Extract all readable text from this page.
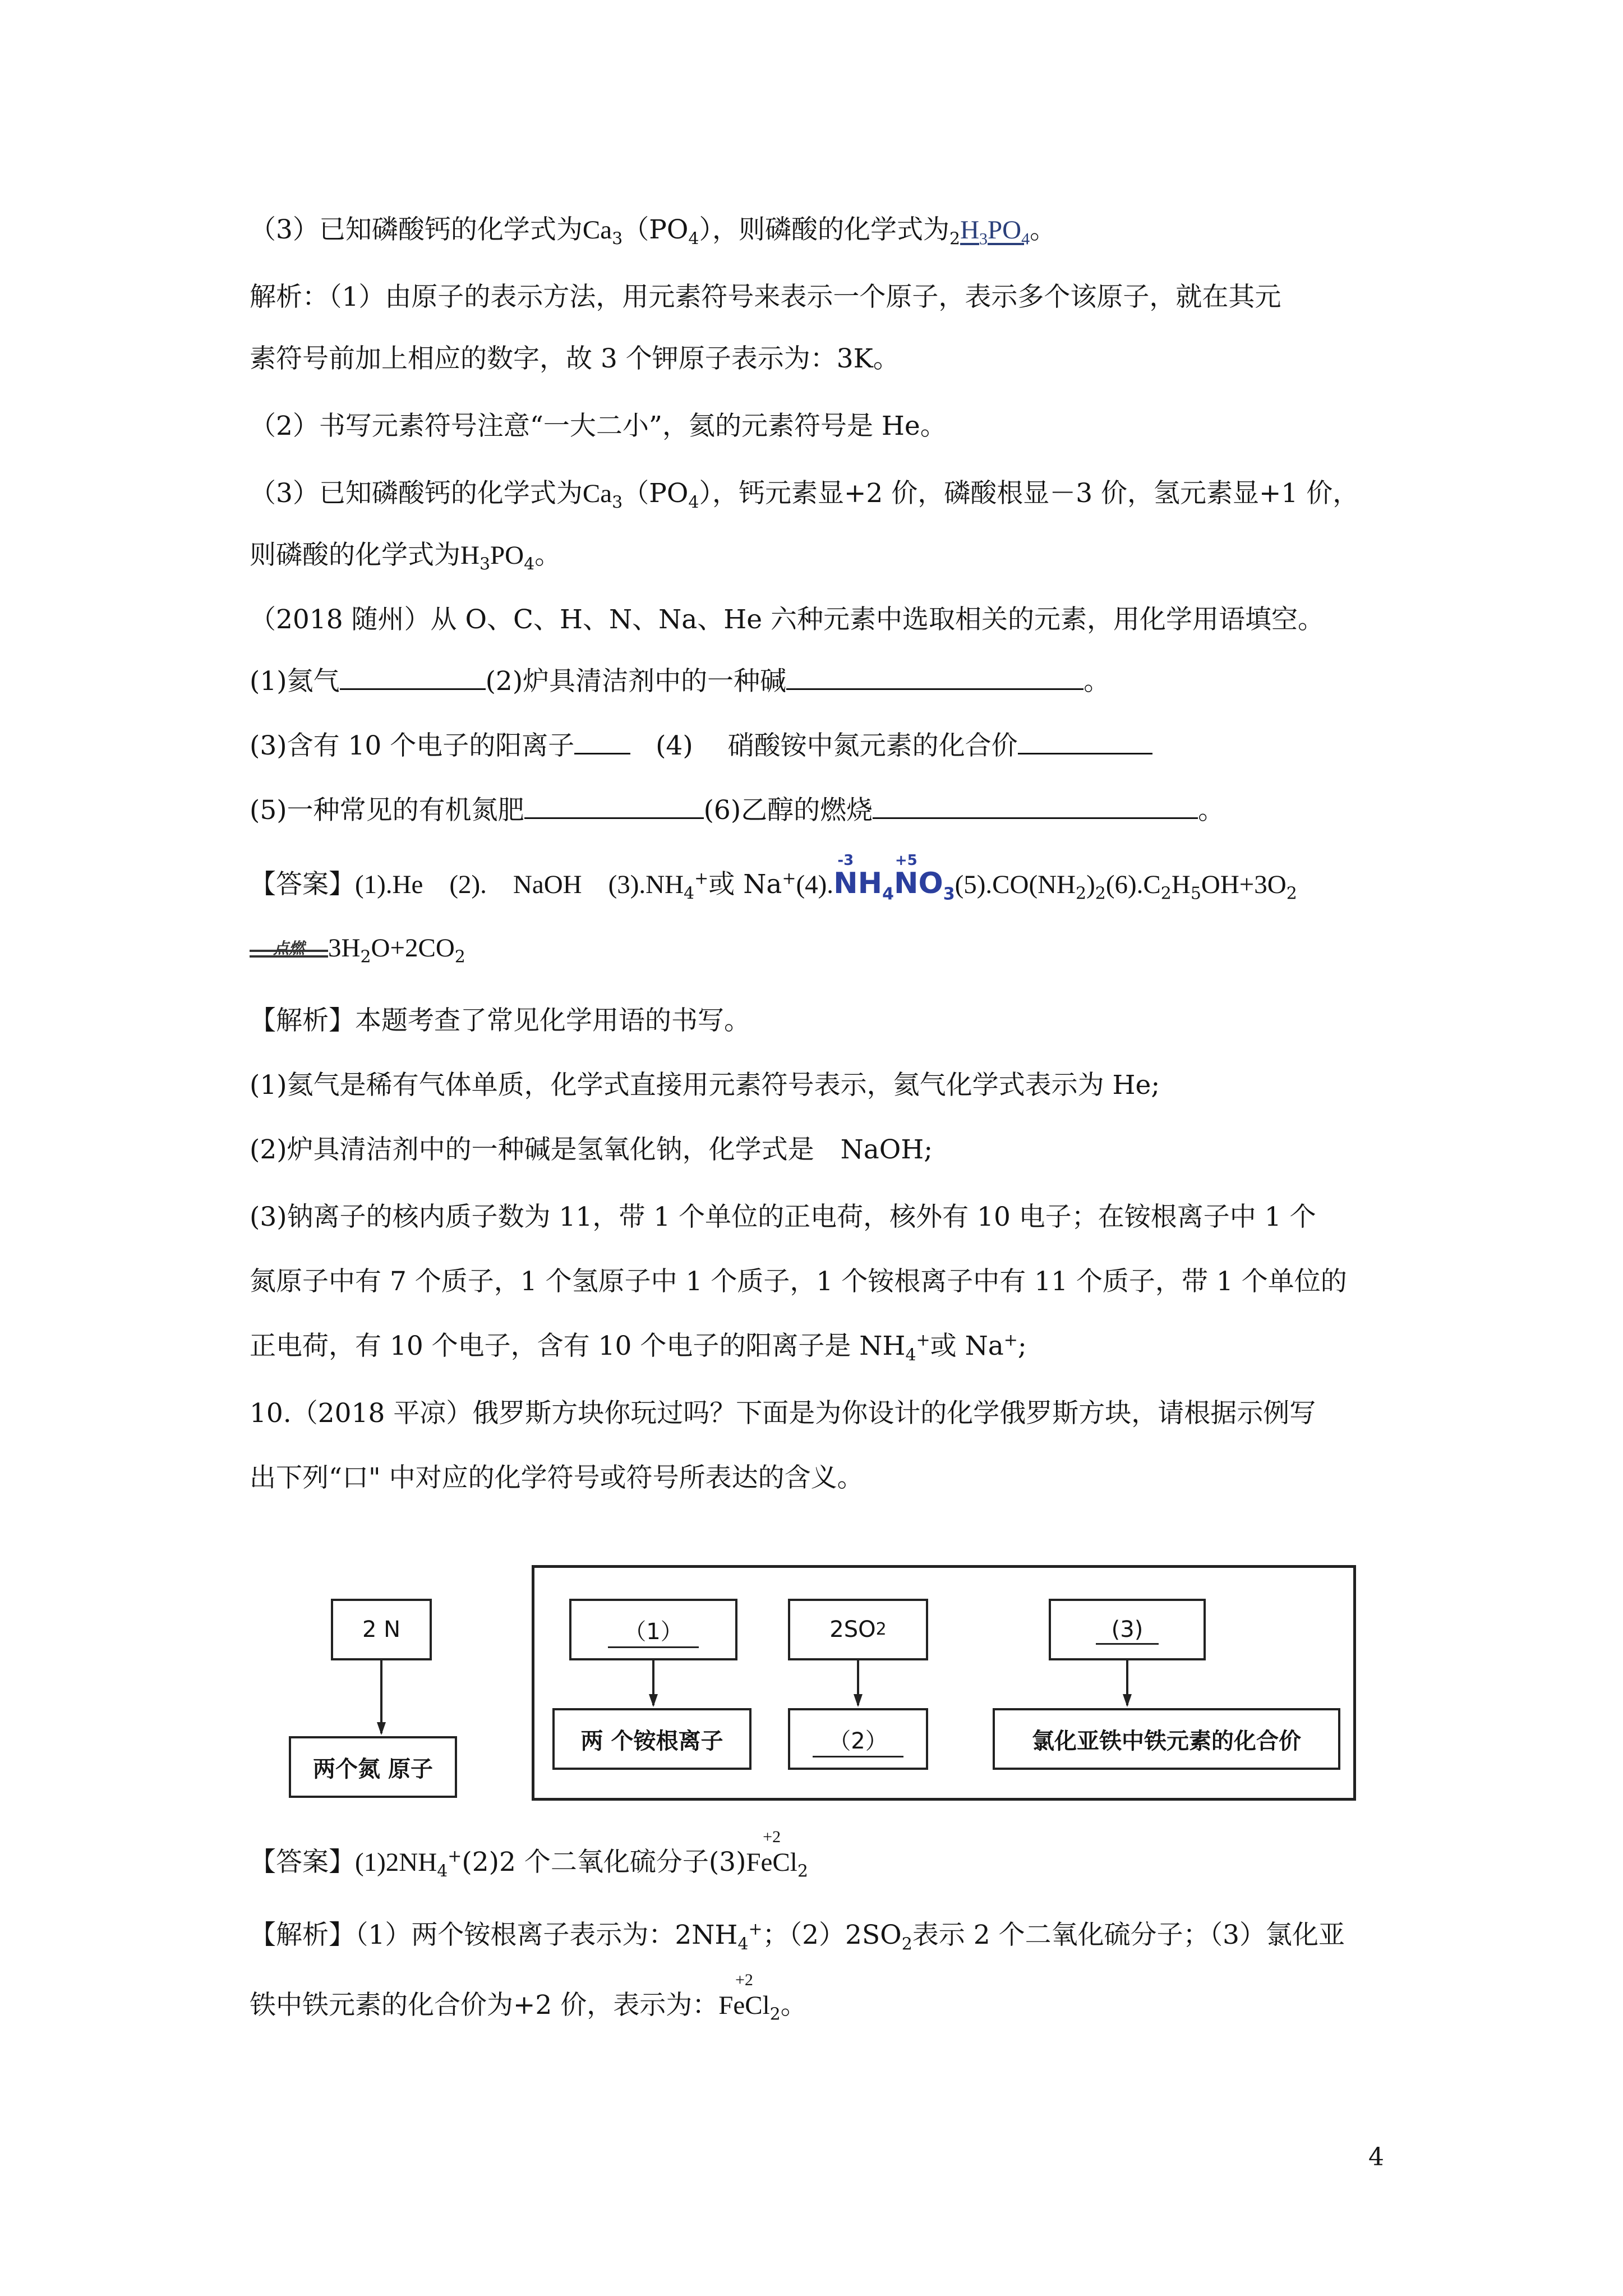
（3）已知磷酸钙的化学式为$Ca_3(PO_4)$，则磷酸的化学式为$_2H_3PO_4$。
解析：（1）由原子的表示方法，用元素符号来表示一个原子，表示多个该原子，就在其元
素符号前加上相应的数字，故 3 个钾原子表示为：3K。
（2）书写元素符号注意“一大二小”，氦的元素符号是 He。
（3）已知磷酸钙的化学式为$Ca_3(PO_4)$，钙元素显+2 价，磷酸根显－3 价，氢元素显+1 价，
则磷酸的化学式为$H_3PO_4$。
（2018 随州）从 O、C、H、N、Na、He 六种元素中选取相关的元素，用化学用语填空。
(1)氦气	(2)炉具清洁剂中的一种碱	。
(3)含有 10 个电子的阳离子	(4)　 硝酸铵中氮元素的化合价
(5)一种常见的有机氮肥	(6)乙醇的燃烧	。
【答案】(1).He　(2).　NaOH　$(3).NH_4^+$或 Na+(4).
-3
$NH_4$
+5
$NO_3(5).CO(NH_2)_2(6).C_2H_5OH+3O_2$
点燃 $3H_2O+2CO_2$
【解析】本题考查了常见化学用语的书写。
(1)氦气是稀有气体单质，化学式直接用元素符号表示，氦气化学式表示为 He;
(2)炉具清洁剂中的一种碱是氢氧化钠，化学式是　NaOH;
(3)钠离子的核内质子数为 11，带 1 个单位的正电荷，核外有 10 电子；在铵根离子中 1 个
氮原子中有 7 个质子，1 个氢原子中 1 个质子，1 个铵根离子中有 11 个质子，带 1 个单位的
正电荷，有 10 个电子，含有 10 个电子的阳离子是 $NH_4^+$或 Na+;
10.（2018 平凉）俄罗斯方块你玩过吗？下面是为你设计的化学俄罗斯方块，请根据示例写
出下列“口" 中对应的化学符号或符号所表达的含义。
2 N
两个氮 原子
（1）
两 个铵根离子
2SO 2
（2）
(3)
氯化亚铁中铁元素的化合价
【答案】$(1)2NH_4^+(2)2$ 个二氧化硫分子(3)
+2
FeCl$_2$
【解析】（1）两个铵根离子表示为：$2NH_4^+$；$(2)2SO_2$表示 2 个二氧化硫分子；（3）氯化亚
铁中铁元素的化合价为+2 价，表示为：
+2
FeCl$_2$。
4
